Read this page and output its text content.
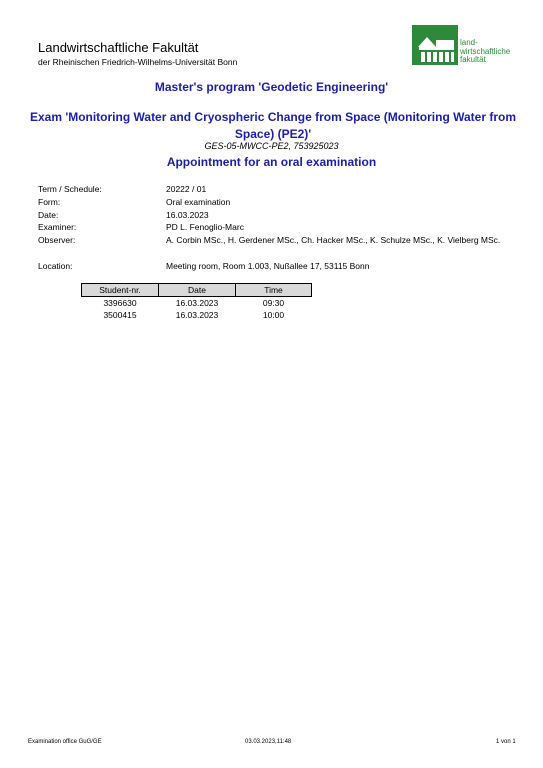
Landwirtschaftliche Fakultät
der Rheinischen Friedrich-Wilhelms-Universität Bonn
land-
wirtschaftliche
fakultät
Master's program 'Geodetic Engineering'
Exam 'Monitoring Water and Cryospheric Change from Space (Monitoring Water from
Space) (PE2)'
GES-05-MWCC-PE2, 753925023
Appointment for an oral examination
Term / Schedule:	20222 / 01
Form:	Oral examination
Date:	16.03.2023
Examiner:	PD L. Fenoglio-Marc
Observer:	A. Corbin MSc., H. Gerdener MSc., Ch. Hacker MSc., K. Schulze MSc., K. Vielberg MSc.
Location:	Meeting room, Room 1.003, Nußallee 17, 53115 Bonn
Student-nr.	Date	Time
3396630	16.03.2023	09:30
3500415	16.03.2023	10:00
Examination office GuG/GE	03.03.2023,11:48	1 von 1
